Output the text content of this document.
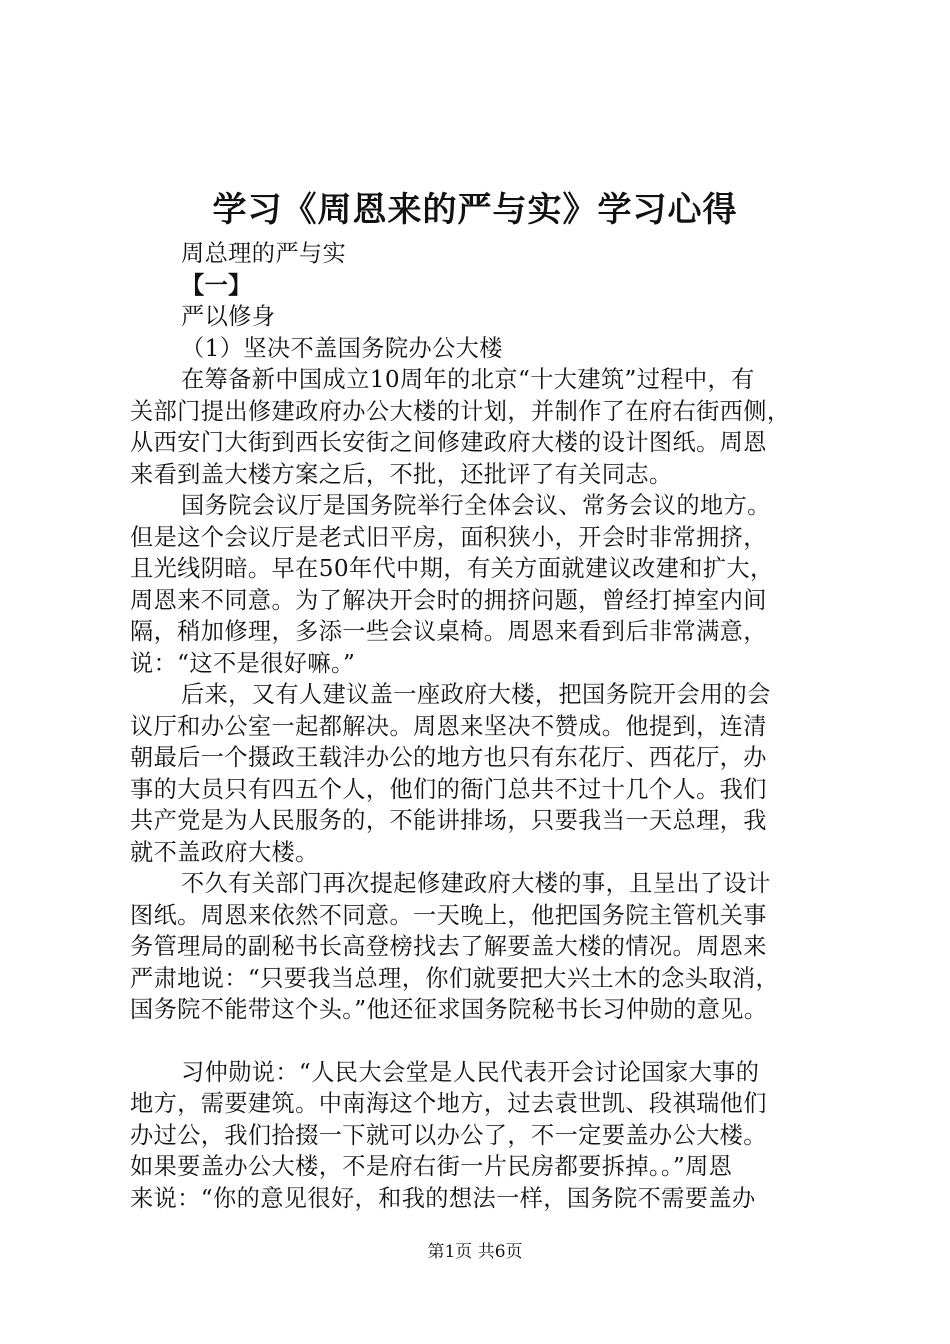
学习《周恩来的严与实》学习心得

周总理的严与实

【一】

严以修身

（1）坚决不盖国务院办公大楼

在筹备新中国成立10周年的北京“十大建筑”过程中，有

关部门提出修建政府办公大楼的计划，并制作了在府右街西侧，

从西安门大街到西长安街之间修建政府大楼的设计图纸。周恩

来看到盖大楼方案之后，不批，还批评了有关同志。

国务院会议厅是国务院举行全体会议、常务会议的地方。

但是这个会议厅是老式旧平房，面积狭小，开会时非常拥挤，

且光线阴暗。早在50年代中期，有关方面就建议改建和扩大，

周恩来不同意。为了解决开会时的拥挤问题，曾经打掉室内间

隔，稍加修理，多添一些会议桌椅。周恩来看到后非常满意，

说：“这不是很好嘛。”

后来，又有人建议盖一座政府大楼，把国务院开会用的会

议厅和办公室一起都解决。周恩来坚决不赞成。他提到，连清

朝最后一个摄政王载沣办公的地方也只有东花厅、西花厅，办

事的大员只有四五个人，他们的衙门总共不过十几个人。我们

共产党是为人民服务的，不能讲排场，只要我当一天总理，我

就不盖政府大楼。

不久有关部门再次提起修建政府大楼的事，且呈出了设计

图纸。周恩来依然不同意。一天晚上，他把国务院主管机关事

务管理局的副秘书长高登榜找去了解要盖大楼的情况。周恩来

严肃地说：“只要我当总理，你们就要把大兴土木的念头取消，

国务院不能带这个头。”他还征求国务院秘书长习仲勋的意见。

习仲勋说：“人民大会堂是人民代表开会讨论国家大事的

地方，需要建筑。中南海这个地方，过去袁世凯、段祺瑞他们

办过公，我们拾掇一下就可以办公了，不一定要盖办公大楼。

如果要盖办公大楼，不是府右街一片民房都要拆掉。。”周恩

来说：“你的意见很好，和我的想法一样，国务院不需要盖办

第1页 共6页
